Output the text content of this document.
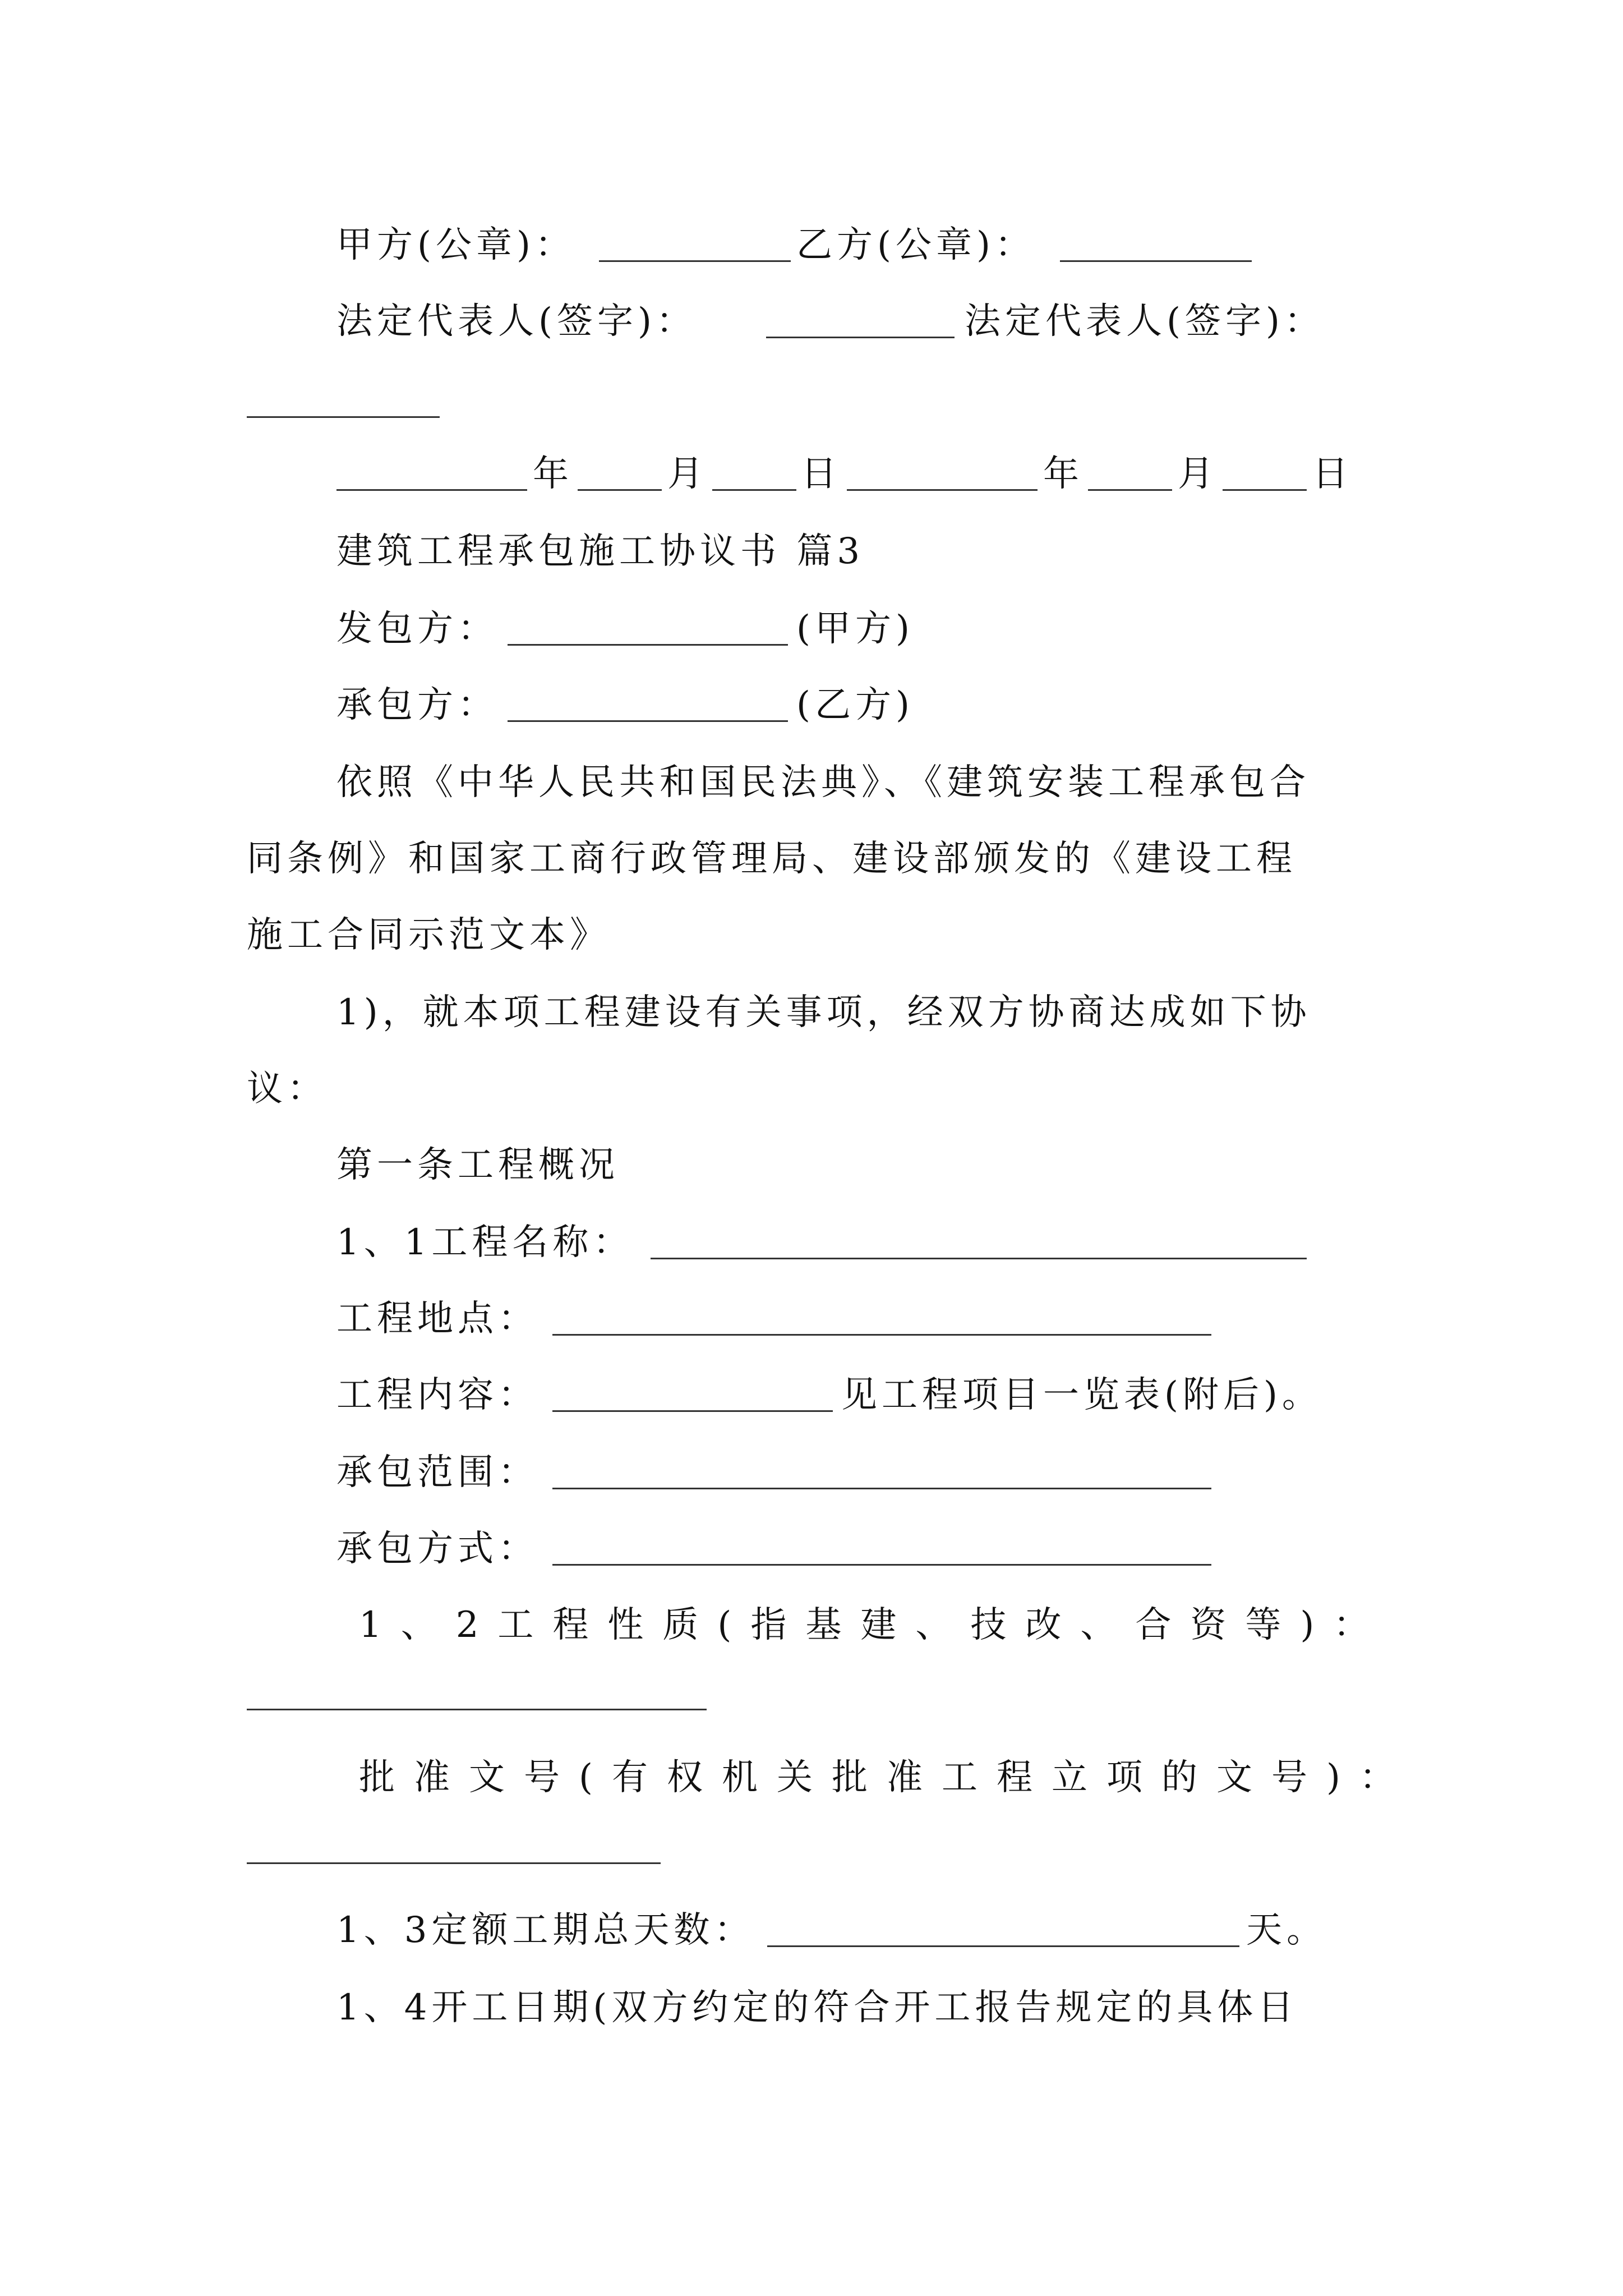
甲方(公章)：	乙方(公章)：
法定代表人(签字)：	法定代表人(签字)：
年	月	日	年	月	日
建筑工程承包施工协议书 篇3
发包方：	(甲方)
承包方：	(乙方)
依照《中华人民共和国民法典》、《建筑安装工程承包合
同条例》和国家工商行政管理局、建设部颁发的《建设工程
施工合同示范文本》
1)，就本项工程建设有关事项，经双方协商达成如下协
议：
第一条工程概况
1、1工程名称：
工程地点：
工程内容：	见工程项目一览表(附后)。
承包范围：
承包方式：
1、2工程性质(指基建、技改、合资等)：
批准文号(有权机关批准工程立项的文号)：
1、3定额工期总天数：	天。
1、4开工日期(双方约定的符合开工报告规定的具体日
